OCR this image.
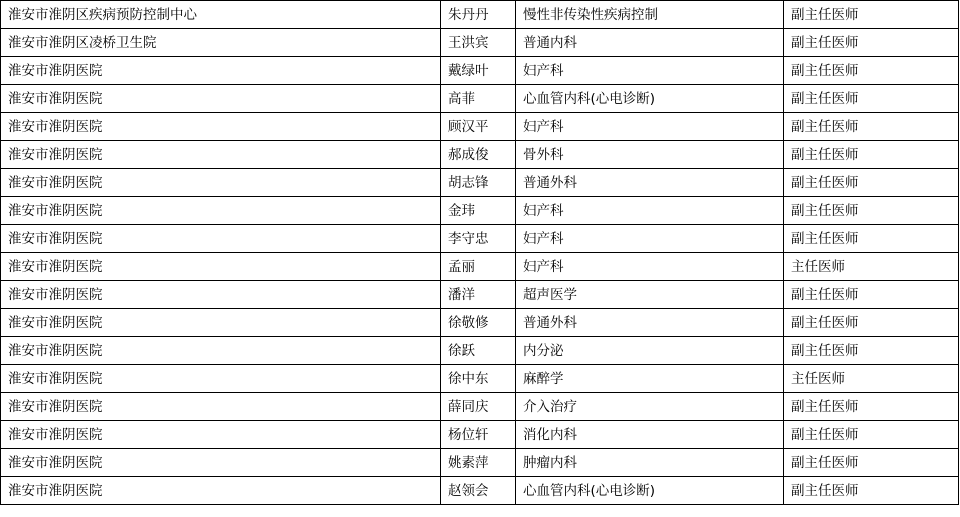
淮安市淮阴区疾病预防控制中心	朱丹丹	慢性非传染性疾病控制	副主任医师
淮安市淮阴区凌桥卫生院	王洪宾	普通内科	副主任医师
淮安市淮阴医院	戴绿叶	妇产科	副主任医师
淮安市淮阴医院	高菲	心血管内科(心电诊断)	副主任医师
淮安市淮阴医院	顾汉平	妇产科	副主任医师
淮安市淮阴医院	郝成俊	骨外科	副主任医师
淮安市淮阴医院	胡志锋	普通外科	副主任医师
淮安市淮阴医院	金玮	妇产科	副主任医师
淮安市淮阴医院	李守忠	妇产科	副主任医师
淮安市淮阴医院	孟丽	妇产科	主任医师
淮安市淮阴医院	潘洋	超声医学	副主任医师
淮安市淮阴医院	徐敬修	普通外科	副主任医师
淮安市淮阴医院	徐跃	内分泌	副主任医师
淮安市淮阴医院	徐中东	麻醉学	主任医师
淮安市淮阴医院	薛同庆	介入治疗	副主任医师
淮安市淮阴医院	杨位轩	消化内科	副主任医师
淮安市淮阴医院	姚素萍	肿瘤内科	副主任医师
淮安市淮阴医院	赵领会	心血管内科(心电诊断)	副主任医师
